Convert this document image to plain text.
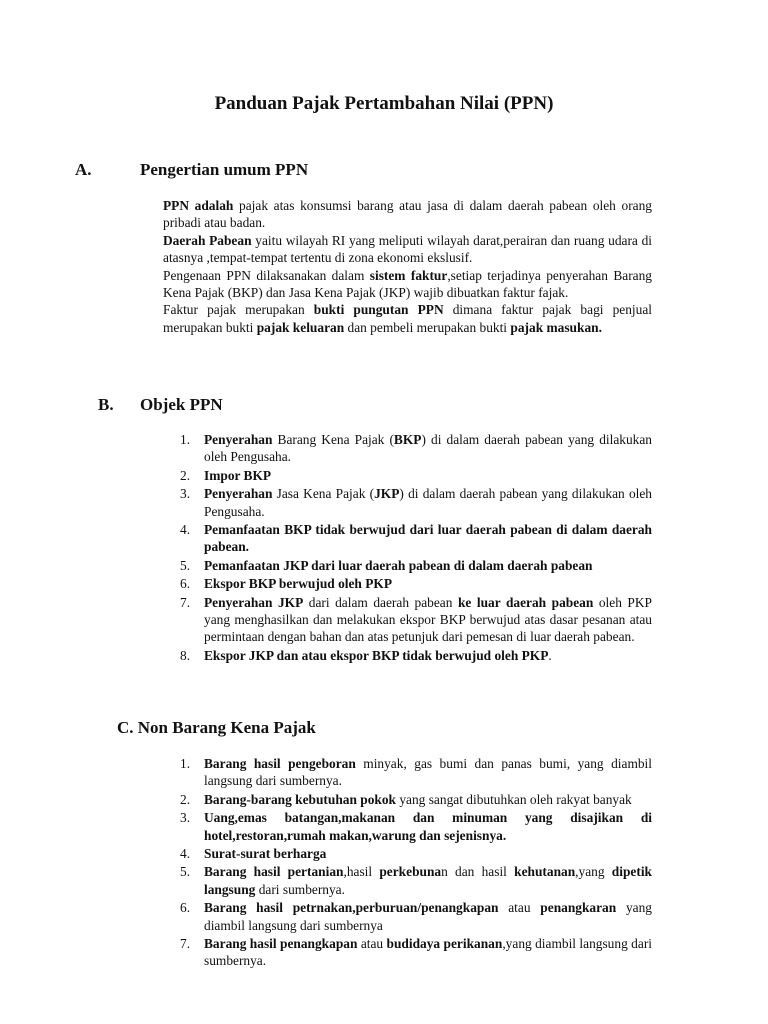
Panduan Pajak Pertambahan Nilai (PPN)
A.	Pengertian umum PPN

PPN adalah pajak atas konsumsi barang atau jasa di dalam daerah pabean oleh orang pribadi atau badan.

Daerah Pabean yaitu wilayah RI yang meliputi wilayah darat,perairan dan ruang udara di atasnya ,tempat-tempat tertentu di zona ekonomi ekslusif.

Pengenaan PPN dilaksanakan dalam sistem faktur,setiap terjadinya penyerahan Barang Kena Pajak (BKP) dan Jasa Kena Pajak (JKP) wajib dibuatkan faktur fajak.

Faktur pajak merupakan bukti pungutan PPN dimana faktur pajak bagi penjual merupakan bukti pajak keluaran dan pembeli merupakan bukti pajak masukan.

B. Objek PPN
1. Penyerahan Barang Kena Pajak (BKP) di dalam daerah pabean yang dilakukan oleh Pengusaha.
2. Impor BKP
3. Penyerahan Jasa Kena Pajak (JKP) di dalam daerah pabean yang dilakukan oleh Pengusaha.
4. Pemanfaatan BKP tidak berwujud dari luar daerah pabean di dalam daerah pabean.
5. Pemanfaatan JKP dari luar daerah pabean di dalam daerah pabean
6. Ekspor BKP berwujud oleh PKP
7. Penyerahan JKP dari dalam daerah pabean ke luar daerah pabean oleh PKP yang menghasilkan dan melakukan ekspor BKP berwujud atas dasar pesanan atau permintaan dengan bahan dan atas petunjuk dari pemesan di luar daerah pabean.
8. Ekspor JKP dan atau ekspor BKP tidak berwujud oleh PKP.
C. Non Barang Kena Pajak
1. Barang hasil pengeboran minyak, gas bumi dan panas bumi, yang diambil langsung dari sumbernya.
2. Barang-barang kebutuhan pokok yang sangat dibutuhkan oleh rakyat banyak
3. Uang,emas batangan,makanan dan minuman yang disajikan di hotel,restoran,rumah makan,warung dan sejenisnya.
4. Surat-surat berharga
5. Barang hasil pertanian,hasil perkebunan dan hasil kehutanan,yang dipetik langsung dari sumbernya.
6. Barang hasil petrnakan,perburuan/penangkapan atau penangkaran yang diambil langsung dari sumbernya
7. Barang hasil penangkapan atau budidaya perikanan,yang diambil langsung dari sumbernya.
